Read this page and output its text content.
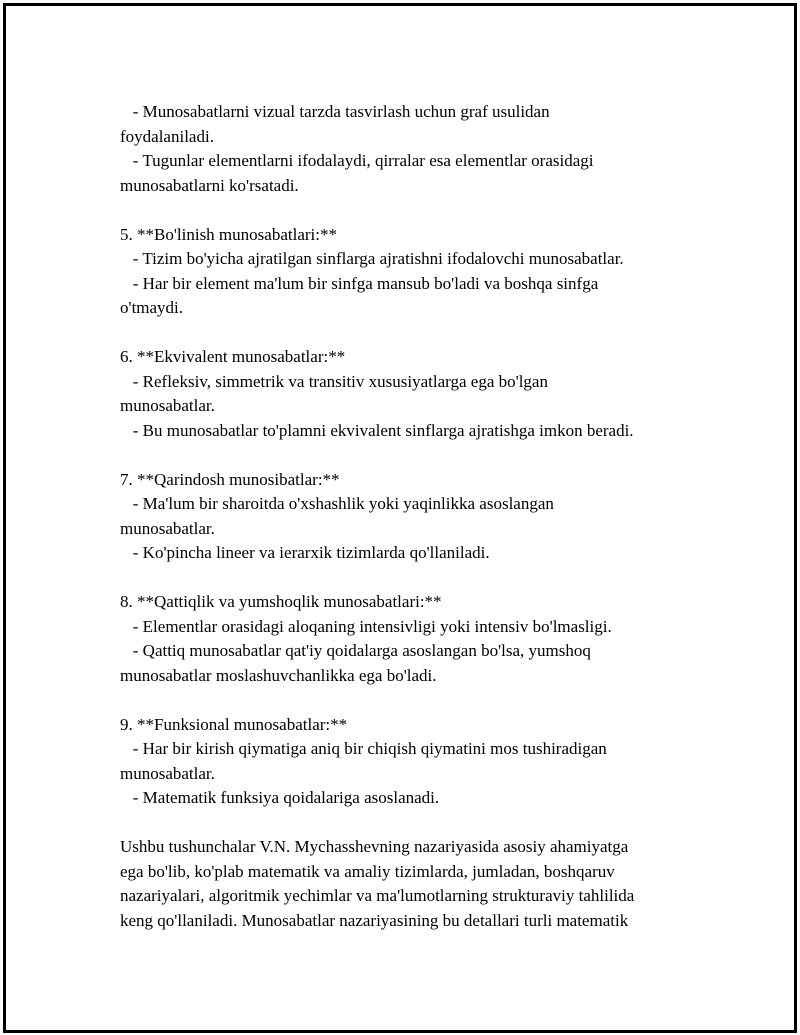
- Munosabatlarni vizual tarzda tasvirlash uchun graf usulidan
foydalaniladi.
- Tugunlar elementlarni ifodalaydi, qirralar esa elementlar orasidagi
munosabatlarni ko'rsatadi.
5. **Bo'linish munosabatlari:**
- Tizim bo'yicha ajratilgan sinflarga ajratishni ifodalovchi munosabatlar.
- Har bir element ma'lum bir sinfga mansub bo'ladi va boshqa sinfga
o'tmaydi.
6. **Ekvivalent munosabatlar:**
- Refleksiv, simmetrik va transitiv xususiyatlarga ega bo'lgan
munosabatlar.
- Bu munosabatlar to'plamni ekvivalent sinflarga ajratishga imkon beradi.
7. **Qarindosh munosibatlar:**
- Ma'lum bir sharoitda o'xshashlik yoki yaqinlikka asoslangan
munosabatlar.
- Ko'pincha lineer va ierarxik tizimlarda qo'llaniladi.
8. **Qattiqlik va yumshoqlik munosabatlari:**
- Elementlar orasidagi aloqaning intensivligi yoki intensiv bo'lmasligi.
- Qattiq munosabatlar qat'iy qoidalarga asoslangan bo'lsa, yumshoq
munosabatlar moslashuvchanlikka ega bo'ladi.
9. **Funksional munosabatlar:**
- Har bir kirish qiymatiga aniq bir chiqish qiymatini mos tushiradigan
munosabatlar.
- Matematik funksiya qoidalariga asoslanadi.
Ushbu tushunchalar V.N. Mychasshevning nazariyasida asosiy ahamiyatga
ega bo'lib, ko'plab matematik va amaliy tizimlarda, jumladan, boshqaruv
nazariyalari, algoritmik yechimlar va ma'lumotlarning strukturaviy tahlilida
keng qo'llaniladi. Munosabatlar nazariyasining bu detallari turli matematik
